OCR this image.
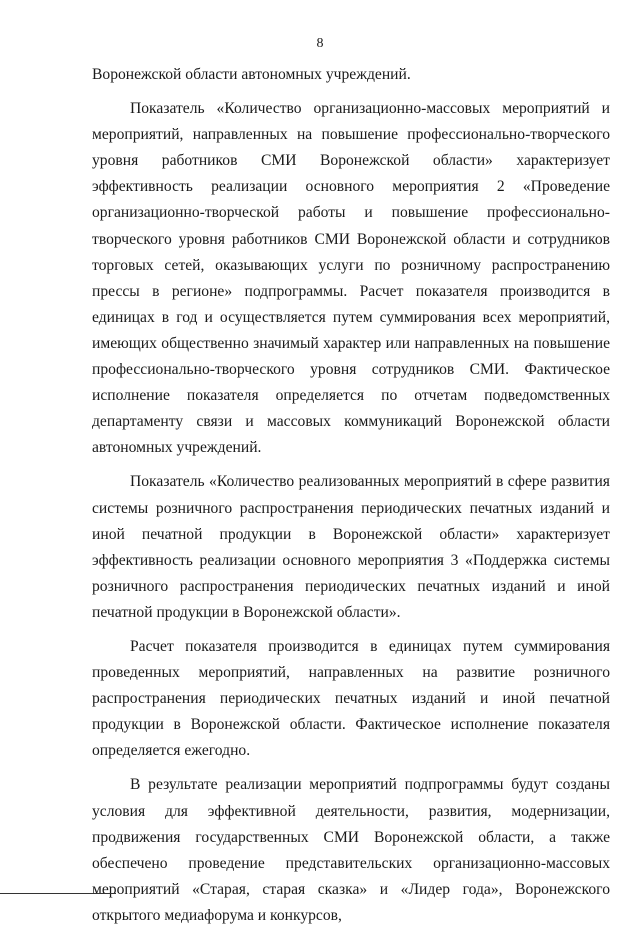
8

Воронежской области автономных учреждений.

Показатель «Количество организационно-массовых мероприятий и мероприятий, направленных на повышение профессионально-творческого уровня работников СМИ Воронежской области» характеризует эффективность реализации основного мероприятия 2 «Проведение организационно-творческой работы и повышение профессионально-творческого уровня работников СМИ Воронежской области и сотрудников торговых сетей, оказывающих услуги по розничному распространению прессы в регионе» подпрограммы. Расчет показателя производится в единицах в год и осуществляется путем суммирования всех мероприятий, имеющих общественно значимый характер или направленных на повышение профессионально-творческого уровня сотрудников СМИ. Фактическое исполнение показателя определяется по отчетам подведомственных департаменту связи и массовых коммуникаций Воронежской области автономных учреждений.

Показатель «Количество реализованных мероприятий в сфере развития системы розничного распространения периодических печатных изданий и иной печатной продукции в Воронежской области» характеризует эффективность реализации основного мероприятия 3 «Поддержка системы розничного распространения периодических печатных изданий и иной печатной продукции в Воронежской области».

Расчет показателя производится в единицах путем суммирования проведенных мероприятий, направленных на развитие розничного распространения периодических печатных изданий и иной печатной продукции в Воронежской области. Фактическое исполнение показателя определяется ежегодно.

В результате реализации мероприятий подпрограммы будут созданы условия для эффективной деятельности, развития, модернизации, продвижения государственных СМИ Воронежской области, а также обеспечено проведение представительских организационно-массовых мероприятий «Старая, старая сказка» и «Лидер года», Воронежского открытого медиафорума и конкурсов,
